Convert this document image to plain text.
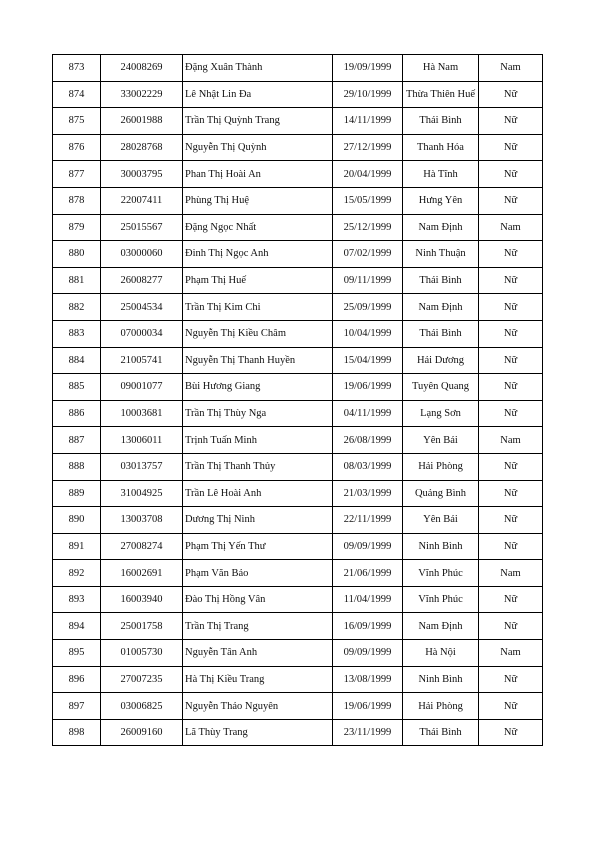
873	24008269	Đặng Xuân Thành	19/09/1999	Hà Nam	Nam
874	33002229	Lê Nhật Lin Đa	29/10/1999	Thừa Thiên Huế	Nữ
875	26001988	Trần Thị Quỳnh Trang	14/11/1999	Thái Bình	Nữ
876	28028768	Nguyễn Thị Quỳnh	27/12/1999	Thanh Hóa	Nữ
877	30003795	Phan Thị Hoài An	20/04/1999	Hà Tĩnh	Nữ
878	22007411	Phùng Thị Huệ	15/05/1999	Hưng Yên	Nữ
879	25015567	Đặng Ngọc Nhất	25/12/1999	Nam Định	Nam
880	03000060	Đinh Thị Ngọc Anh	07/02/1999	Ninh Thuận	Nữ
881	26008277	Phạm Thị Huế	09/11/1999	Thái Bình	Nữ
882	25004534	Trần Thị Kim Chi	25/09/1999	Nam Định	Nữ
883	07000034	Nguyễn Thị Kiều Châm	10/04/1999	Thái Bình	Nữ
884	21005741	Nguyễn Thị Thanh Huyền	15/04/1999	Hải Dương	Nữ
885	09001077	Bùi Hương Giang	19/06/1999	Tuyên Quang	Nữ
886	10003681	Trần Thị Thùy Nga	04/11/1999	Lạng Sơn	Nữ
887	13006011	Trịnh Tuấn Minh	26/08/1999	Yên Bái	Nam
888	03013757	Trần Thị Thanh Thủy	08/03/1999	Hải Phòng	Nữ
889	31004925	Trần Lê Hoài Anh	21/03/1999	Quảng Bình	Nữ
890	13003708	Dương Thị Ninh	22/11/1999	Yên Bái	Nữ
891	27008274	Phạm Thị Yến Thư	09/09/1999	Ninh Bình	Nữ
892	16002691	Phạm Văn Bảo	21/06/1999	Vĩnh Phúc	Nam
893	16003940	Đào Thị Hồng Vân	11/04/1999	Vĩnh Phúc	Nữ
894	25001758	Trần Thị Trang	16/09/1999	Nam Định	Nữ
895	01005730	Nguyễn Tân Anh	09/09/1999	Hà Nội	Nam
896	27007235	Hà Thị Kiều Trang	13/08/1999	Ninh Bình	Nữ
897	03006825	Nguyễn Thảo Nguyên	19/06/1999	Hải Phòng	Nữ
898	26009160	Lã Thùy Trang	23/11/1999	Thái Bình	Nữ
